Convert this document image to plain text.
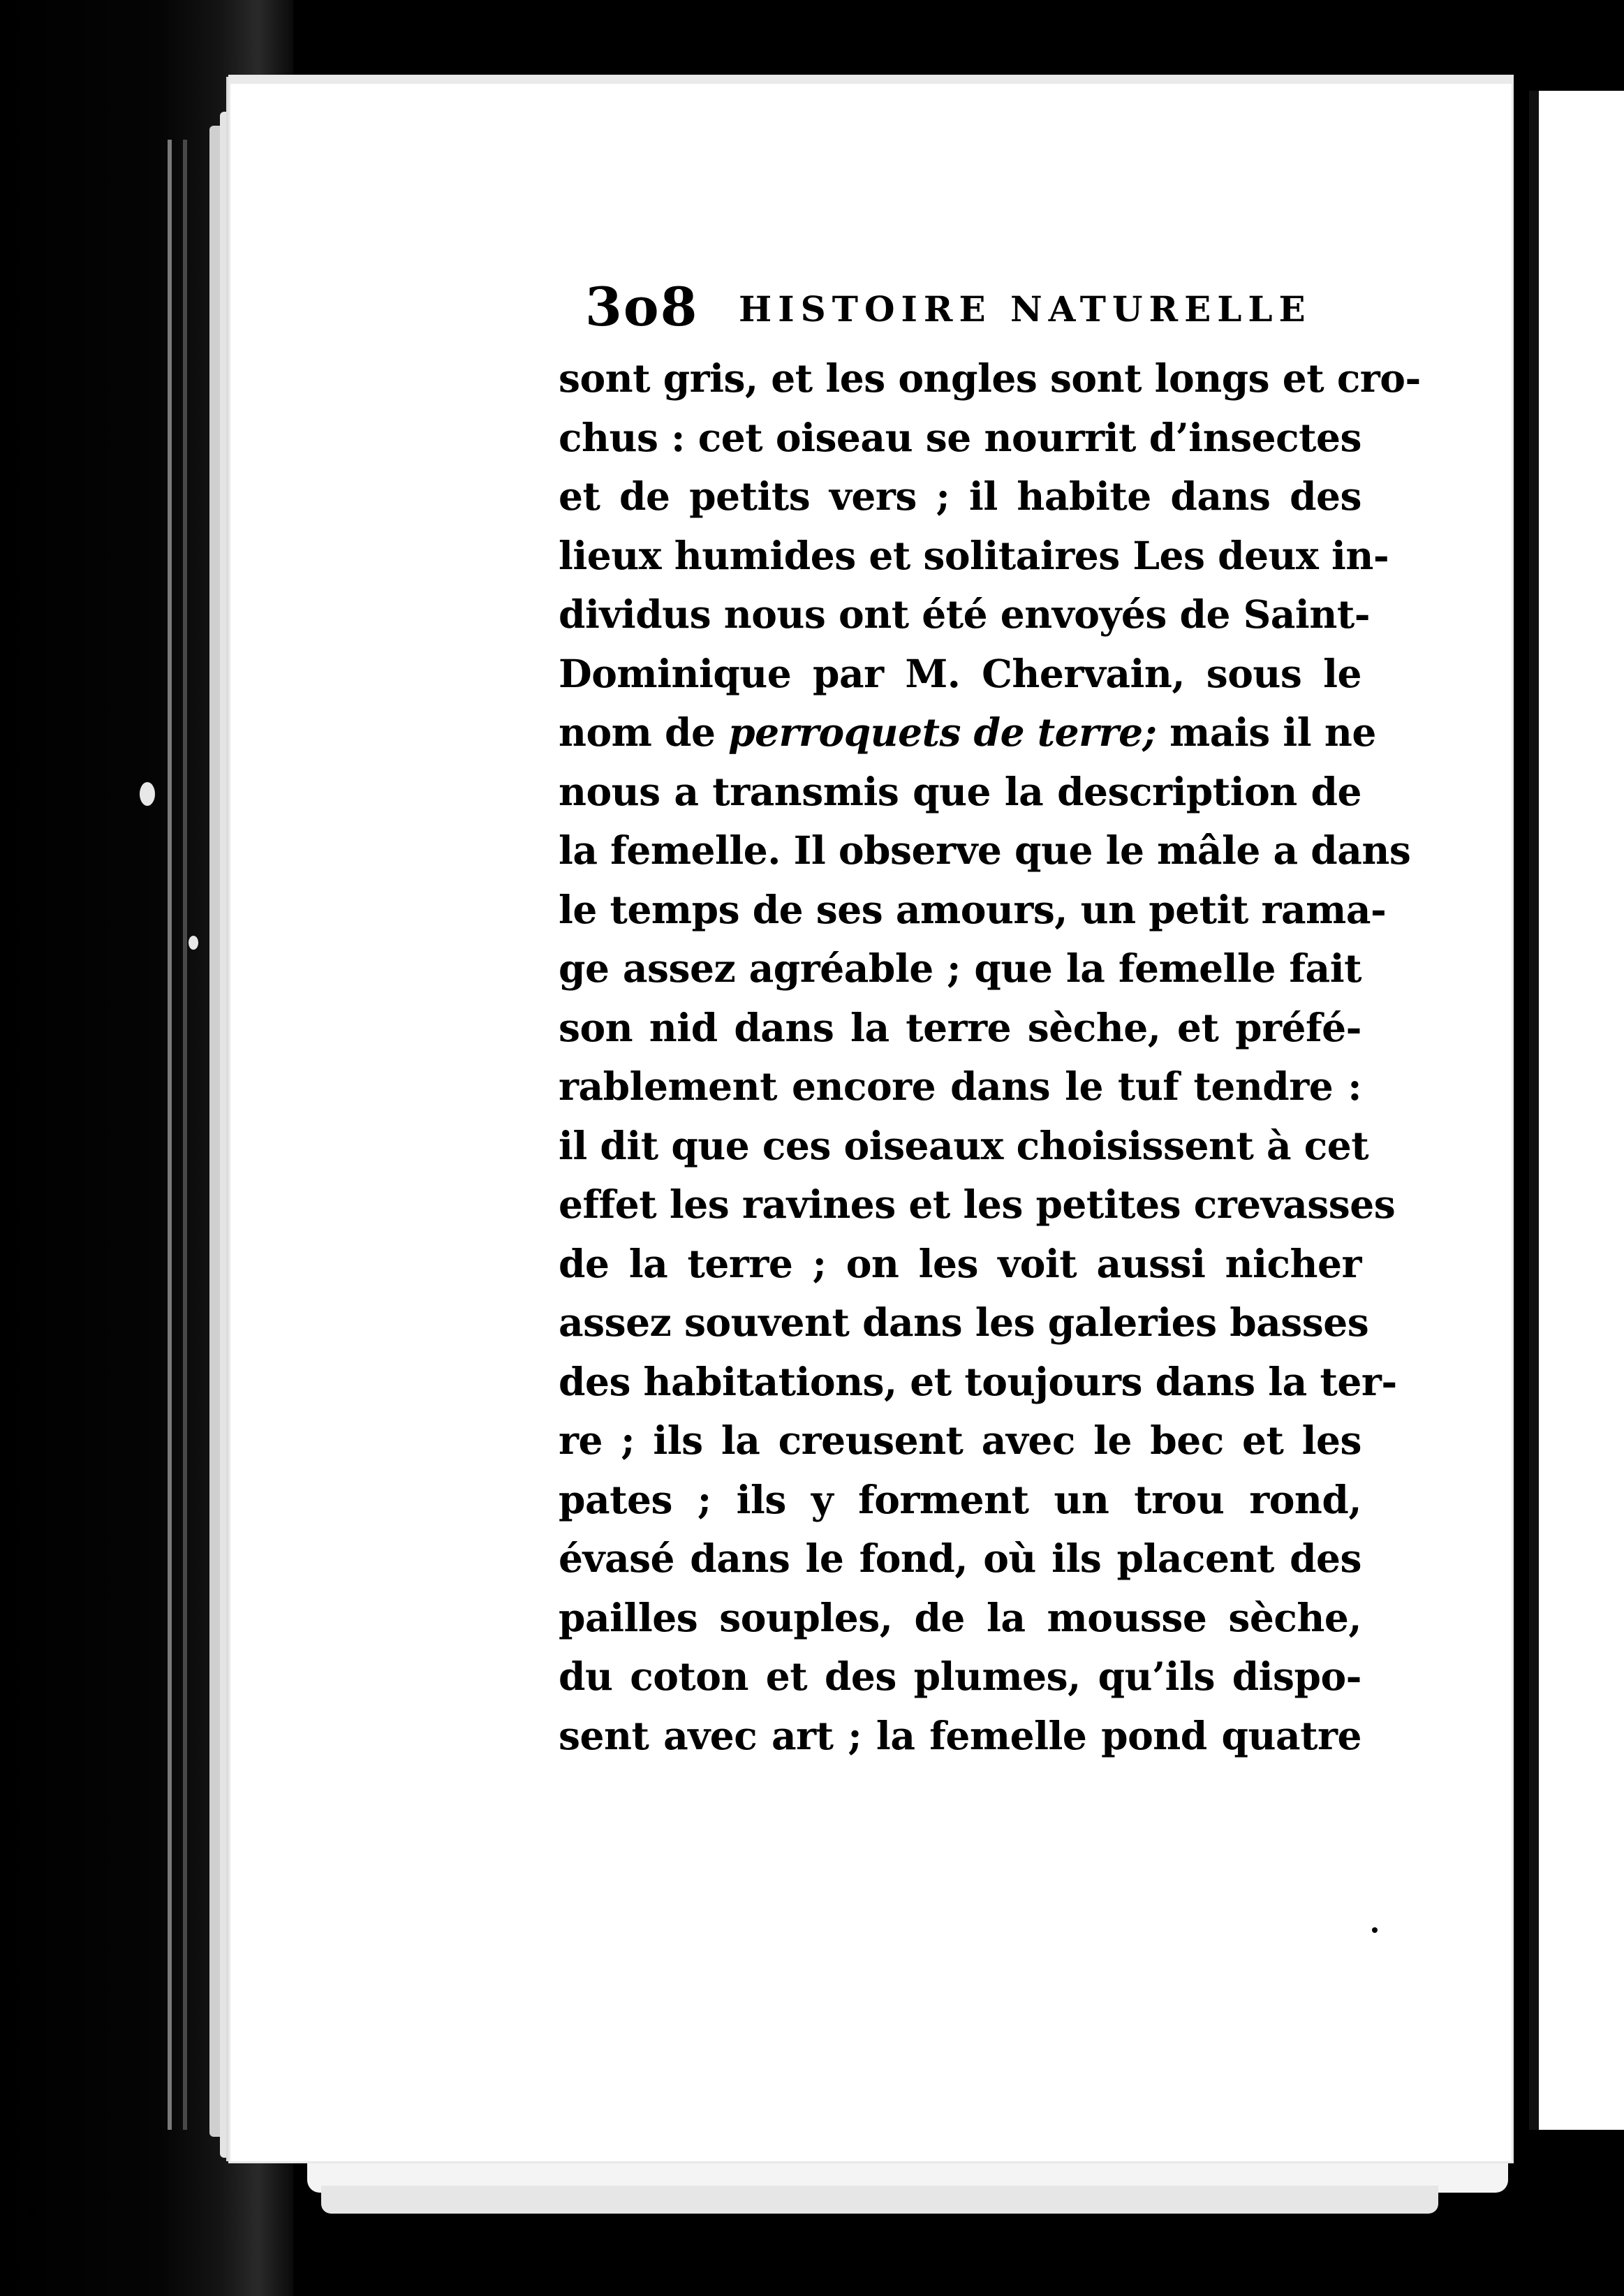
3o8 HISTOIRE NATURELLE
sont gris, et les ongles sont longs et cro-
chus : cet oiseau se nourrit d’insectes
et de petits vers ; il habite dans des
lieux humides et solitaires Les deux in-
dividus nous ont été envoyés de Saint-
Dominique par M. Chervain, sous le
nom de perroquets de terre; mais il ne
nous a transmis que la description de
la femelle. Il observe que le mâle a dans
le temps de ses amours, un petit rama-
ge assez agréable ; que la femelle fait
son nid dans la terre sèche, et préfé-
rablement encore dans le tuf tendre :
il dit que ces oiseaux choisissent à cet
effet les ravines et les petites crevasses
de la terre ; on les voit aussi nicher
assez souvent dans les galeries basses
des habitations, et toujours dans la ter-
re ; ils la creusent avec le bec et les
pates ; ils y forment un trou rond,
évasé dans le fond, où ils placent des
pailles souples, de la mousse sèche,
du coton et des plumes, qu’ils dispo-
sent avec art ; la femelle pond quatre
